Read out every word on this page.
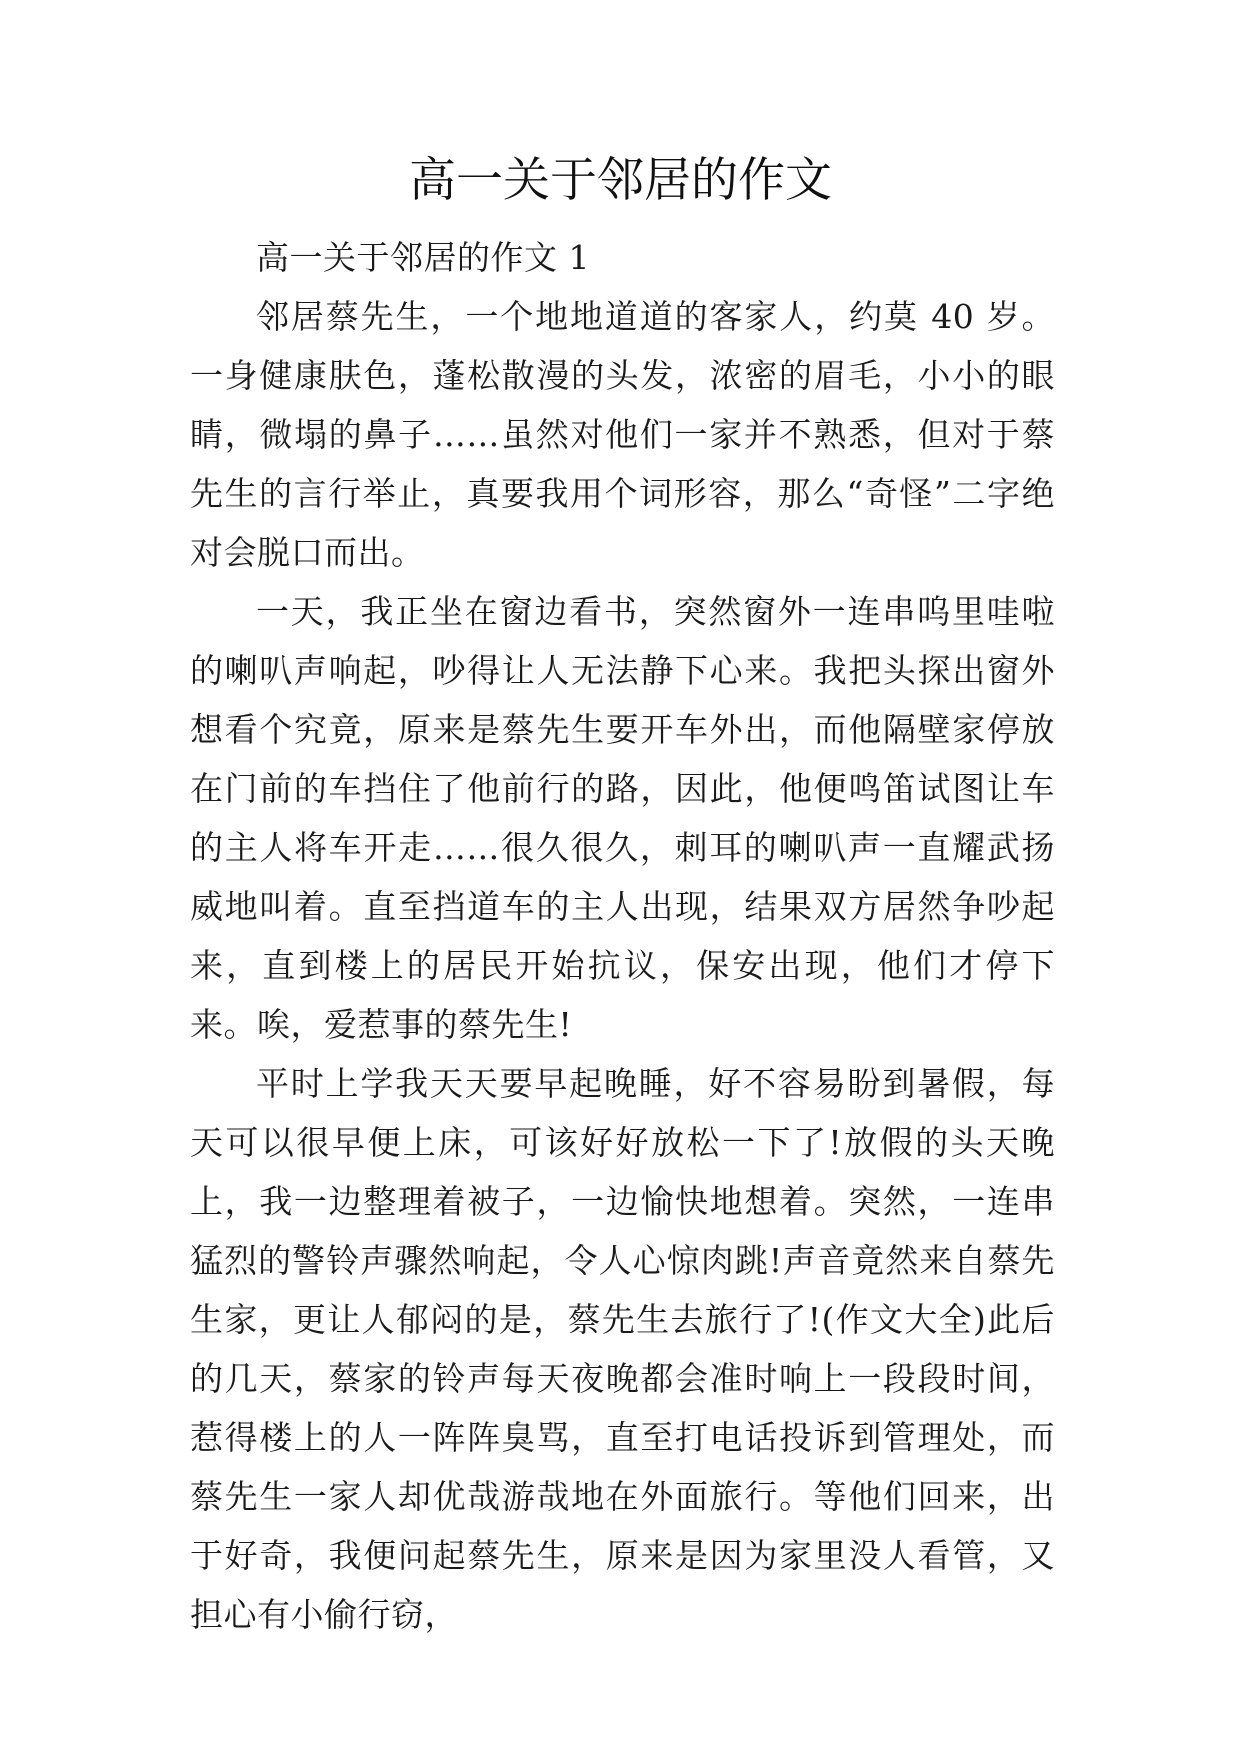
高一关于邻居的作文

高一关于邻居的作文 1

邻居蔡先生，一个地地道道的客家人，约莫 40 岁。一身健康肤色，蓬松散漫的头发，浓密的眉毛，小小的眼睛，微塌的鼻子……虽然对他们一家并不熟悉，但对于蔡先生的言行举止，真要我用个词形容，那么“奇怪”二字绝对会脱口而出。

一天，我正坐在窗边看书，突然窗外一连串呜里哇啦的喇叭声响起，吵得让人无法静下心来。我把头探出窗外想看个究竟，原来是蔡先生要开车外出，而他隔壁家停放在门前的车挡住了他前行的路，因此，他便鸣笛试图让车的主人将车开走……很久很久，刺耳的喇叭声一直耀武扬威地叫着。直至挡道车的主人出现，结果双方居然争吵起来，直到楼上的居民开始抗议，保安出现，他们才停下来。唉，爱惹事的蔡先生!

平时上学我天天要早起晚睡，好不容易盼到暑假，每天可以很早便上床，可该好好放松一下了!放假的头天晚上，我一边整理着被子，一边愉快地想着。突然，一连串猛烈的警铃声骤然响起，令人心惊肉跳!声音竟然来自蔡先生家，更让人郁闷的是，蔡先生去旅行了!(作文大全)此后的几天，蔡家的铃声每天夜晚都会准时响上一段段时间，惹得楼上的人一阵阵臭骂，直至打电话投诉到管理处，而蔡先生一家人却优哉游哉地在外面旅行。等他们回来，出于好奇，我便问起蔡先生，原来是因为家里没人看管，又担心有小偷行窃，
